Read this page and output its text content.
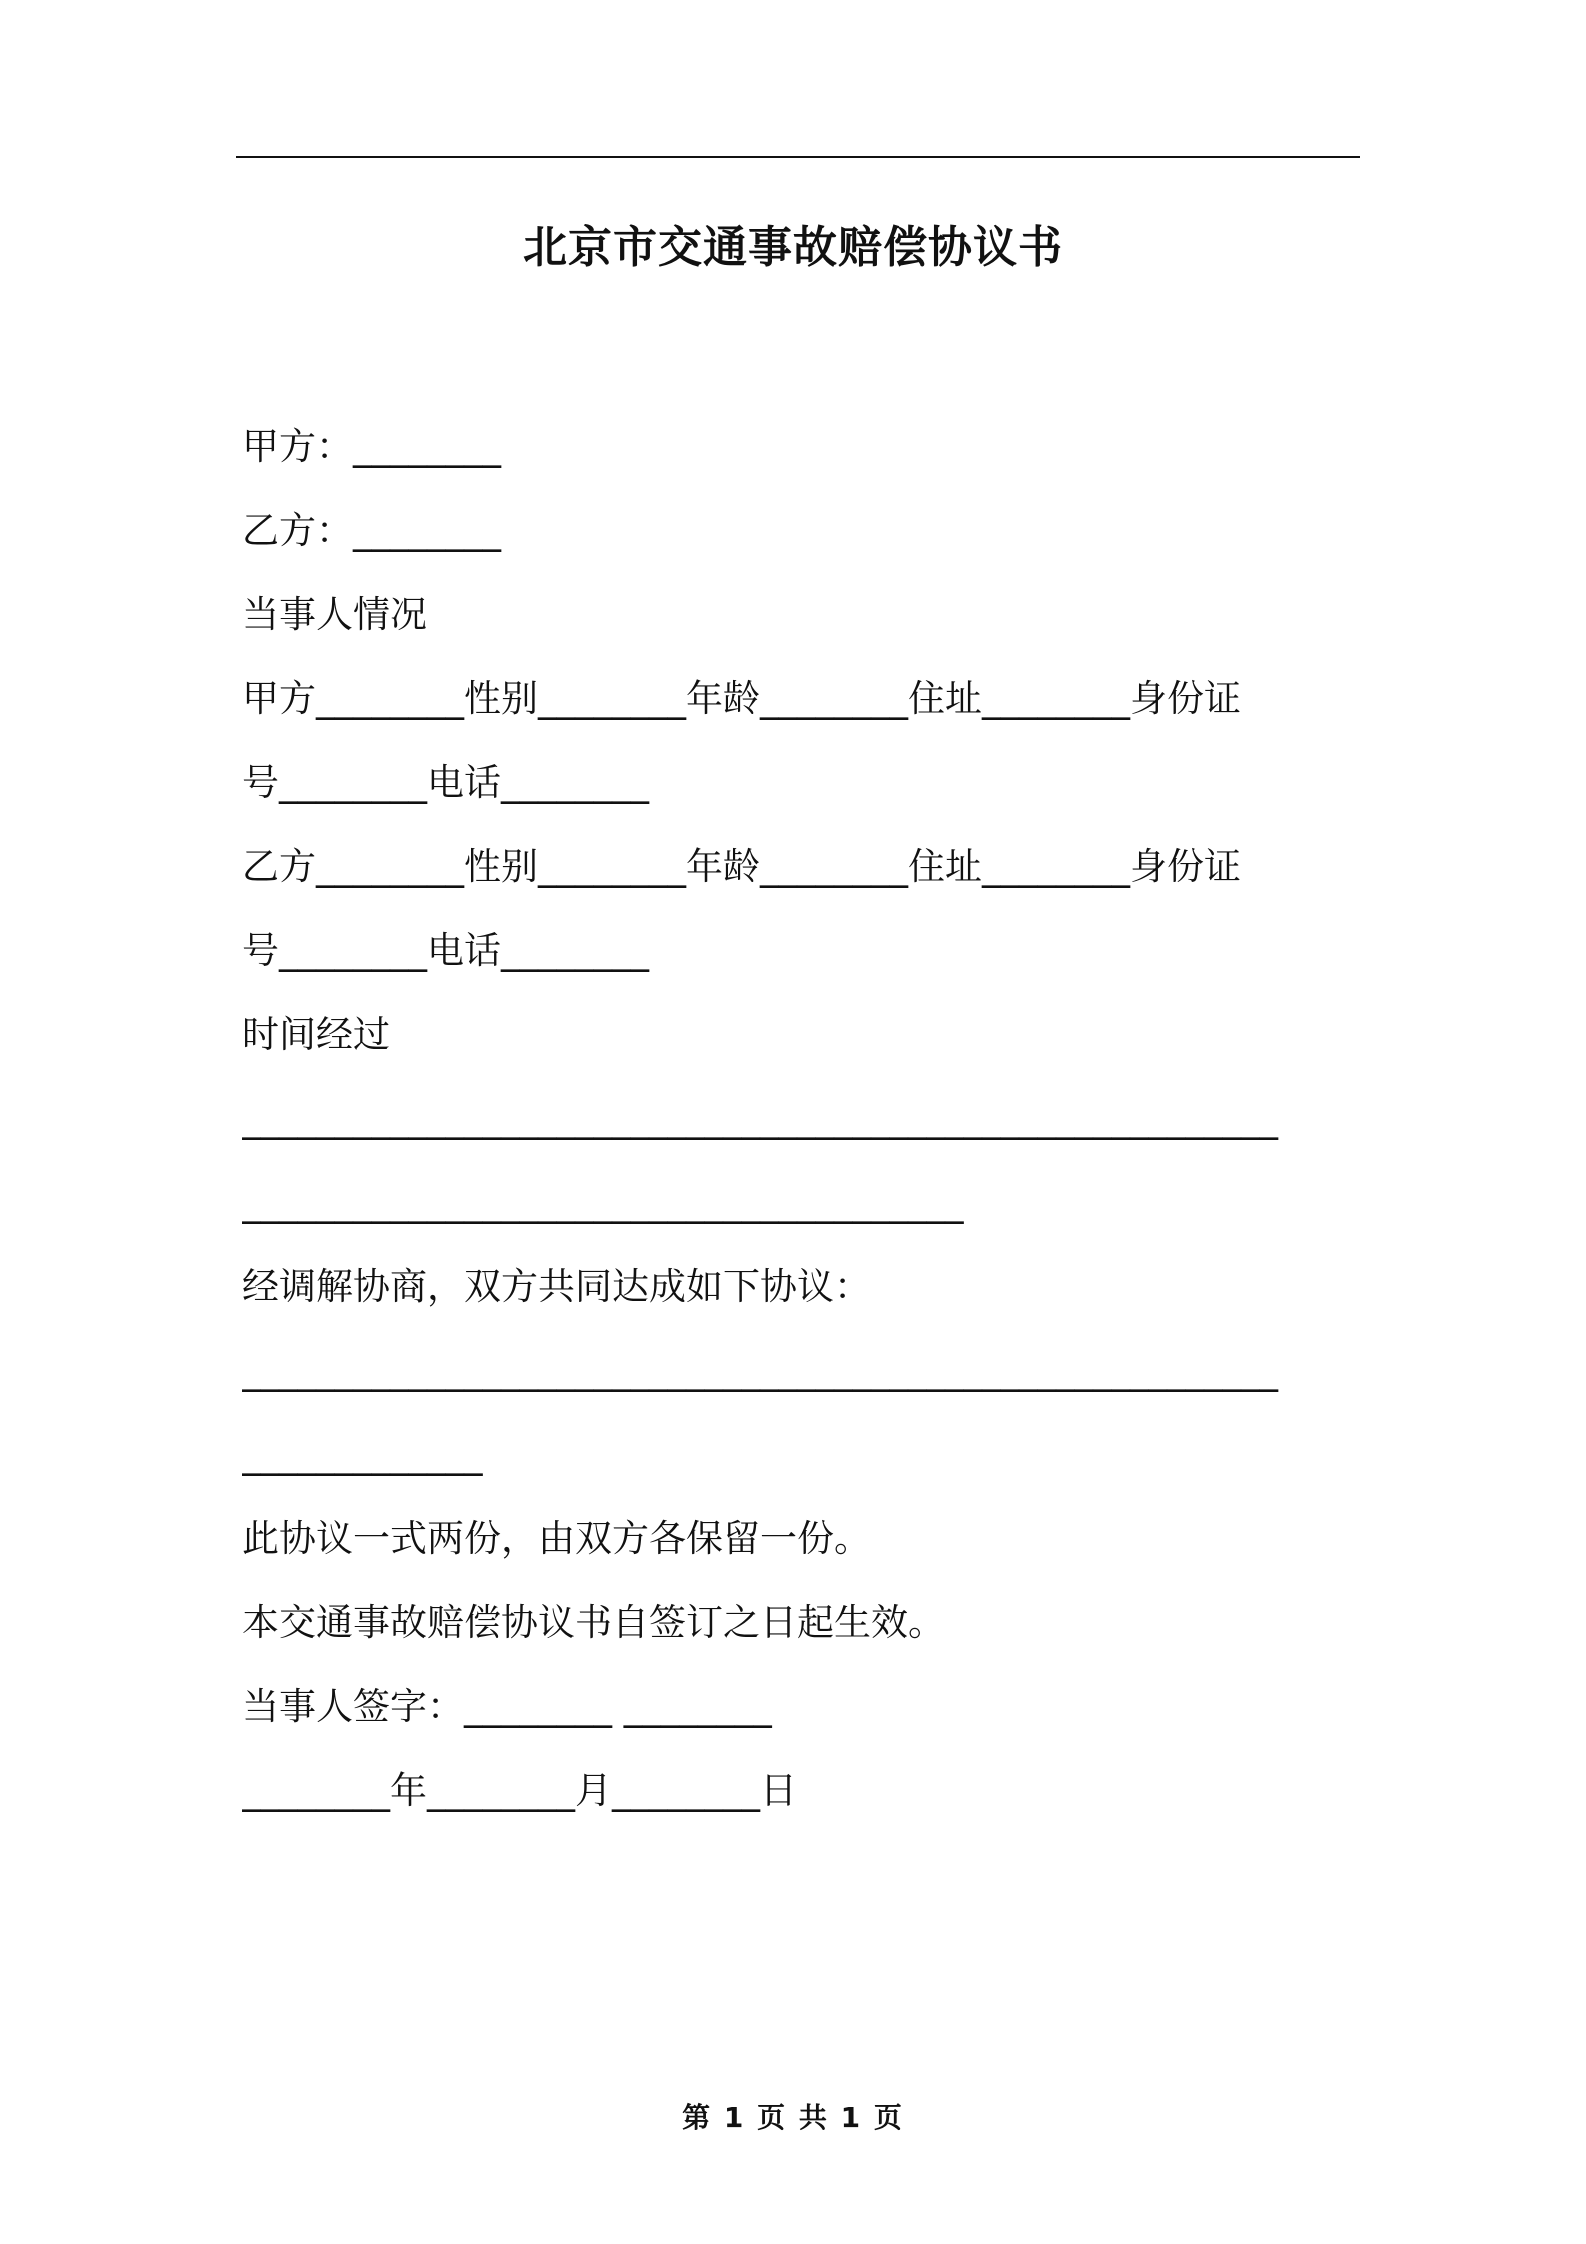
北京市交通事故赔偿协议书
甲方：________
乙方：________
当事人情况
甲方________性别________年龄________住址________身份证
号________电话________
乙方________性别________年龄________住址________身份证
号________电话________
时间经过
________________________________________________________
_______________________________________
经调解协商，双方共同达成如下协议：
________________________________________________________
_____________
此协议一式两份，由双方各保留一份。
本交通事故赔偿协议书自签订之日起生效。
当事人签字：________ ________
________年________月________日
第 1 页 共 1 页
